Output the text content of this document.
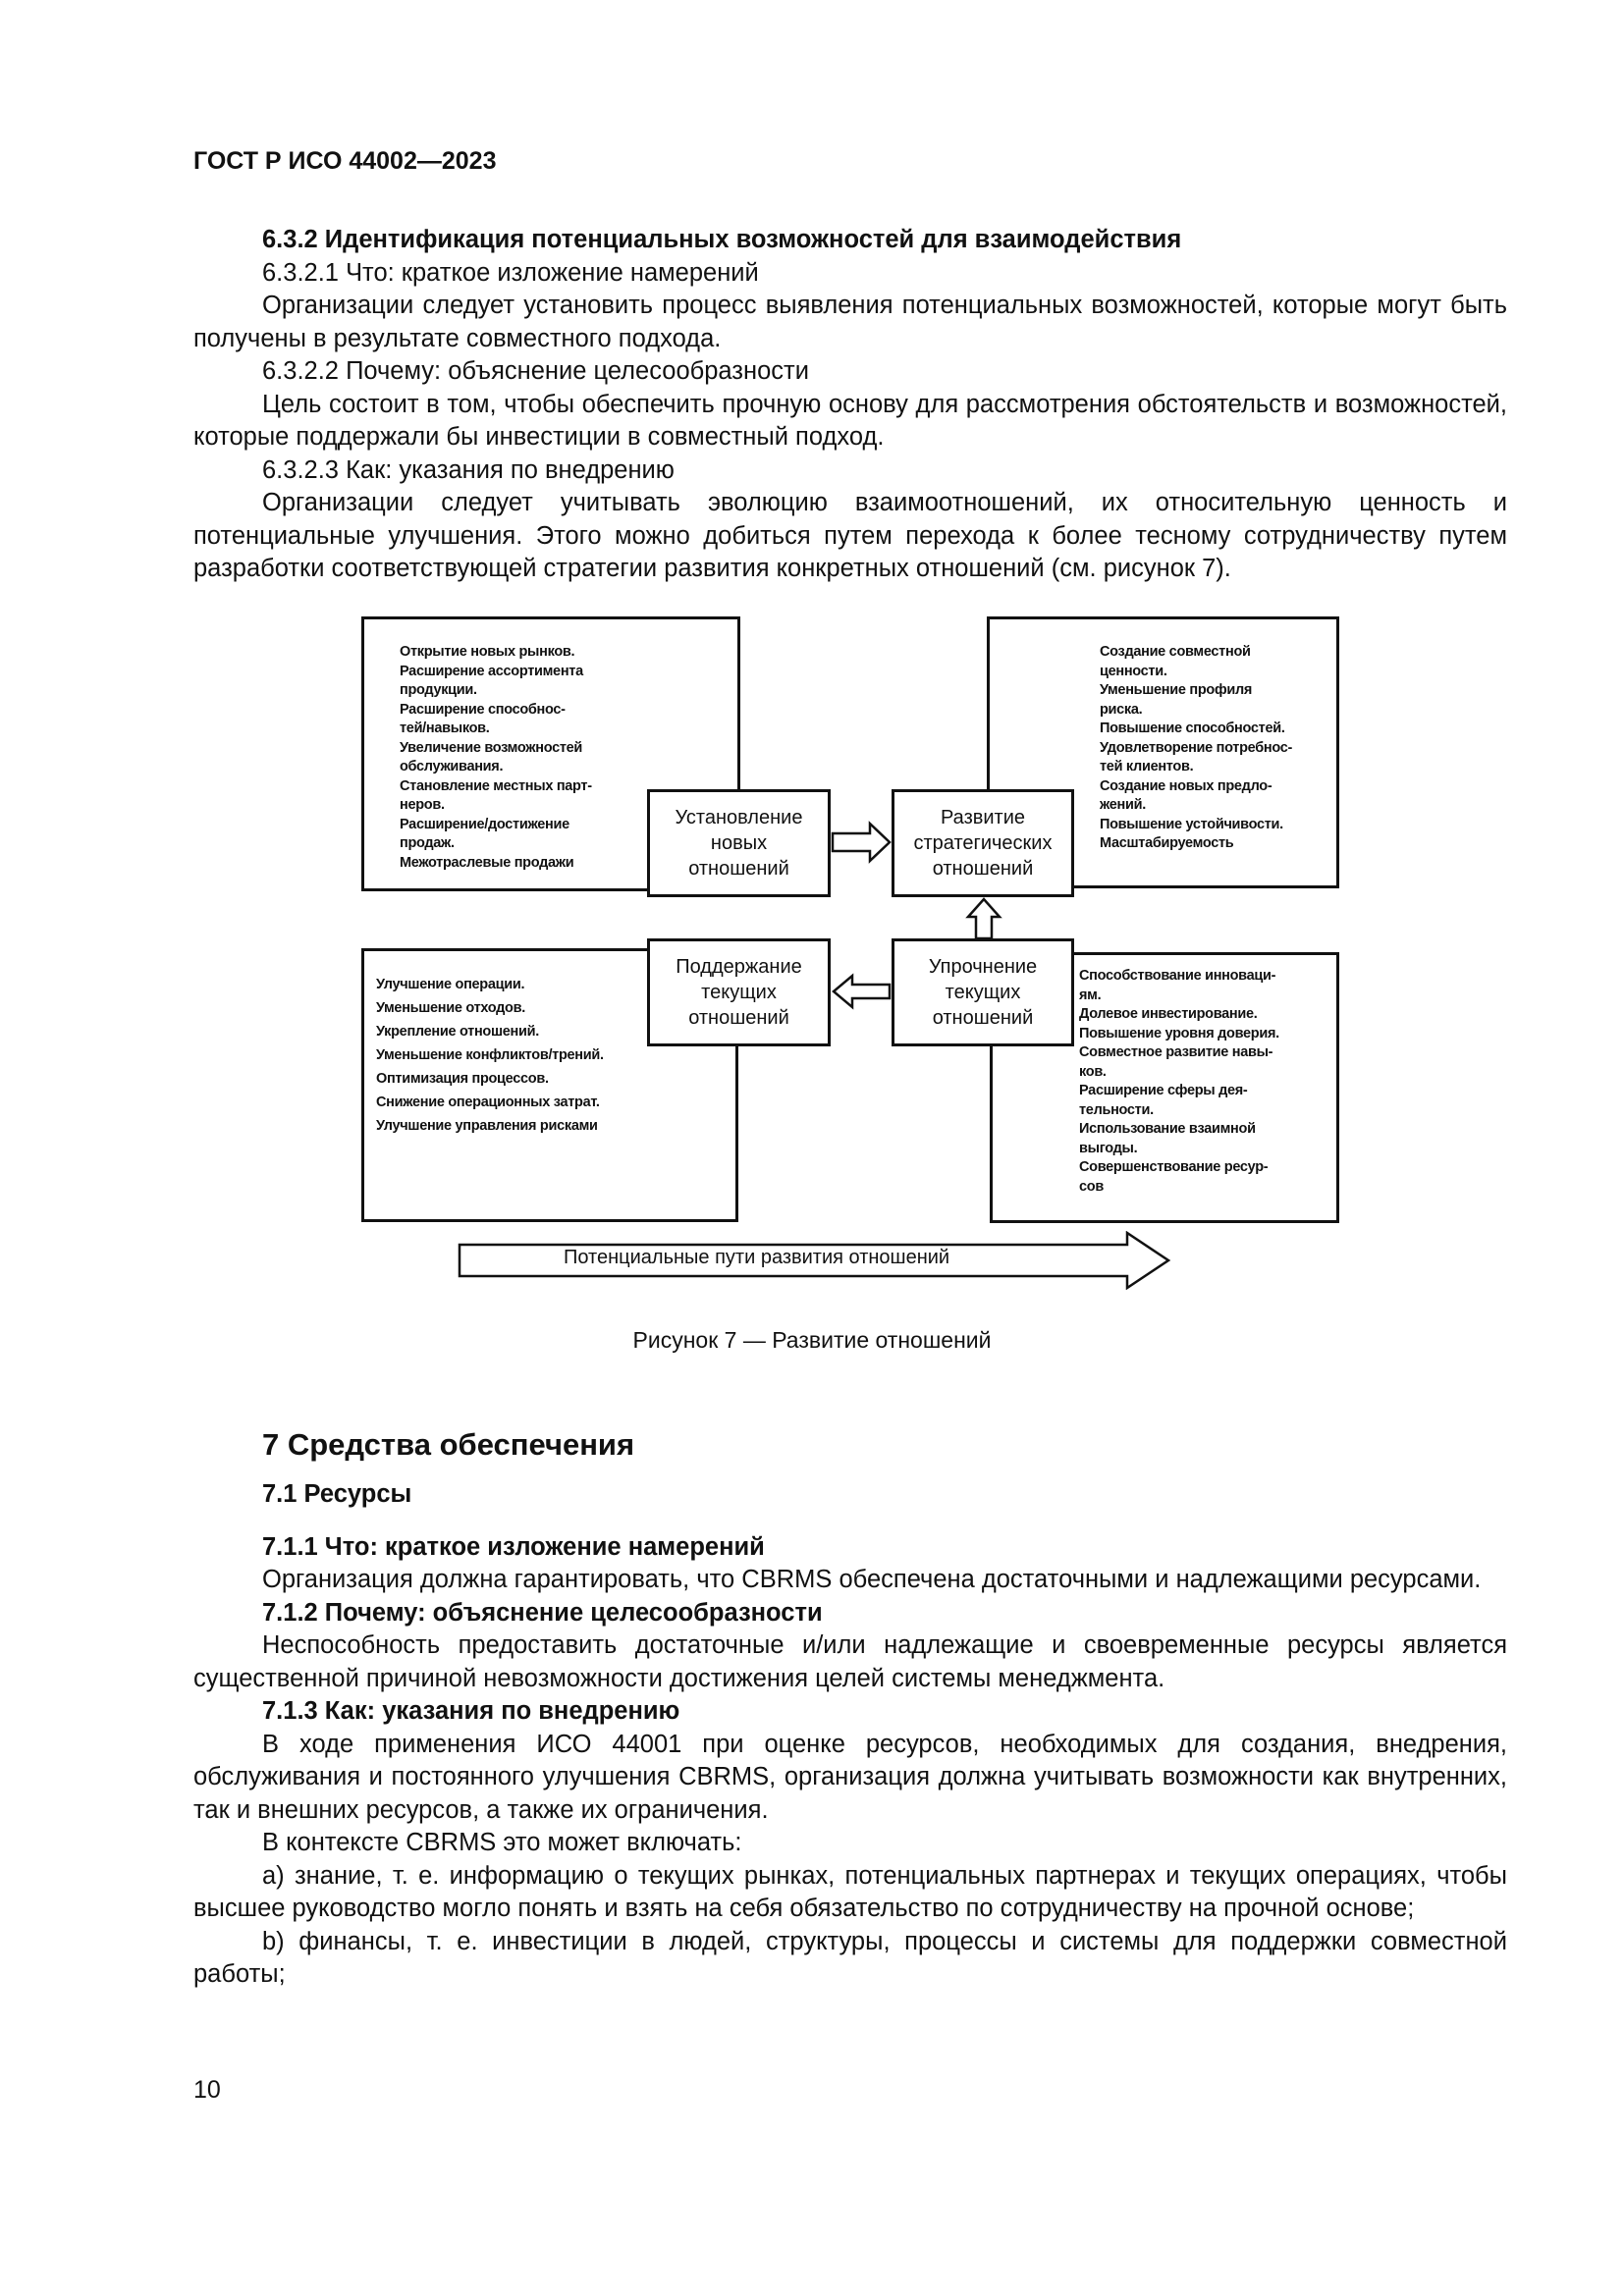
ГОСТ Р ИСО 44002—2023

6.3.2 Идентификация потенциальных возможностей для взаимодействия

6.3.2.1 Что: краткое изложение намерений

Организации следует установить процесс выявления потенциальных возможностей, которые могут быть получены в результате совместного подхода.

6.3.2.2 Почему: объяснение целесообразности

Цель состоит в том, чтобы обеспечить прочную основу для рассмотрения обстоятельств и возможностей, которые поддержали бы инвестиции в совместный подход.

6.3.2.3 Как: указания по внедрению

Организации следует учитывать эволюцию взаимоотношений, их относительную ценность и потенциальные улучшения. Этого можно добиться путем перехода к более тесному сотрудничеству путем разработки соответствующей стратегии развития конкретных отношений (см. рисунок 7).

Открытие новых рынков.
Расширение ассортимента
продукции.
Расширение способнос-
тей/навыков.
Увеличение возможностей
обслуживания.
Становление местных парт-
неров.
Расширение/достижение
продаж.
Межотраслевые продажи
Создание совместной
ценности.
Уменьшение профиля
риска.
Повышение способностей.
Удовлетворение потребнос-
тей клиентов.
Создание новых предло-
жений.
Повышение устойчивости.
Масштабируемость
Улучшение операции.
Уменьшение отходов.
Укрепление отношений.
Уменьшение конфликтов/трений.
Оптимизация процессов.
Снижение операционных затрат.
Улучшение управления рисками
Способствование инноваци-
ям.
Долевое инвестирование.
Повышение уровня доверия.
Совместное развитие навы-
ков.
Расширение сферы дея-
тельности.
Использование взаимной
выгоды.
Совершенствование ресур-
сов
Установление новых отношений
Развитие стратегических отношений
Поддержание текущих отношений
Упрочнение текущих отношений
Потенциальные пути развития отношений
Рисунок 7 — Развитие отношений

7 Средства обеспечения

7.1 Ресурсы

7.1.1 Что: краткое изложение намерений

Организация должна гарантировать, что CBRMS обеспечена достаточными и надлежащими ресурсами.

7.1.2 Почему: объяснение целесообразности

Неспособность предоставить достаточные и/или надлежащие и своевременные ресурсы является существенной причиной невозможности достижения целей системы менеджмента.

7.1.3 Как: указания по внедрению

В ходе применения ИСО 44001 при оценке ресурсов, необходимых для создания, внедрения, обслуживания и постоянного улучшения CBRMS, организация должна учитывать возможности как внутренних, так и внешних ресурсов, а также их ограничения.

В контексте CBRMS это может включать:

a) знание, т. е. информацию о текущих рынках, потенциальных партнерах и текущих операциях, чтобы высшее руководство могло понять и взять на себя обязательство по сотрудничеству на прочной основе;

b) финансы, т. е. инвестиции в людей, структуры, процессы и системы для поддержки совместной работы;

10
